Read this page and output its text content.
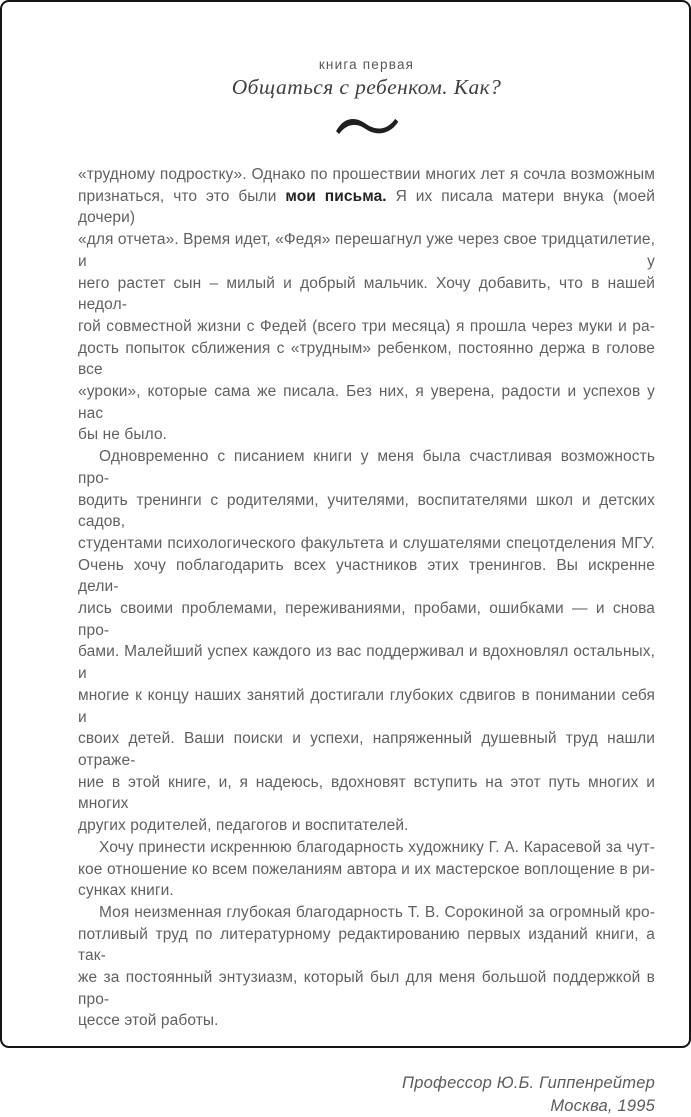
книга первая
Общаться с ребенком. Как?
«трудному подростку». Однако по прошествии многих лет я сочла возможным
признаться, что это были мои письма. Я их писала матери внука (моей дочери)
«для отчета». Время идет, «Федя» перешагнул уже через свое тридцатилетие, и у
него растет сын – милый и добрый мальчик. Хочу добавить, что в нашей недол-
гой совместной жизни с Федей (всего три месяца) я прошла через муки и ра-
дость попыток сближения с «трудным» ребенком, постоянно держа в голове все
«уроки», которые сама же писала. Без них, я уверена, радости и успехов у нас
бы не было.
Одновременно с писанием книги у меня была счастливая возможность про-
водить тренинги с родителями, учителями, воспитателями школ и детских садов,
студентами психологического факультета и слушателями спецотделения МГУ.
Очень хочу поблагодарить всех участников этих тренингов. Вы искренне дели-
лись своими проблемами, переживаниями, пробами, ошибками — и снова про-
бами. Малейший успех каждого из вас поддерживал и вдохновлял остальных, и
многие к концу наших занятий достигали глубоких сдвигов в понимании себя и
своих детей. Ваши поиски и успехи, напряженный душевный труд нашли отраже-
ние в этой книге, и, я надеюсь, вдохновят вступить на этот путь многих и многих
других родителей, педагогов и воспитателей.
Хочу принести искреннюю благодарность художнику Г. А. Карасевой за чут-
кое отношение ко всем пожеланиям автора и их мастерское воплощение в ри-
сунках книги.
Моя неизменная глубокая благодарность Т. В. Сорокиной за огромный кро-
потливый труд по литературному редактированию первых изданий книги, а так-
же за постоянный энтузиазм, который был для меня большой поддержкой в про-
цессе этой работы.
Профессор Ю.Б. Гиппенрейтер
Москва, 1995
